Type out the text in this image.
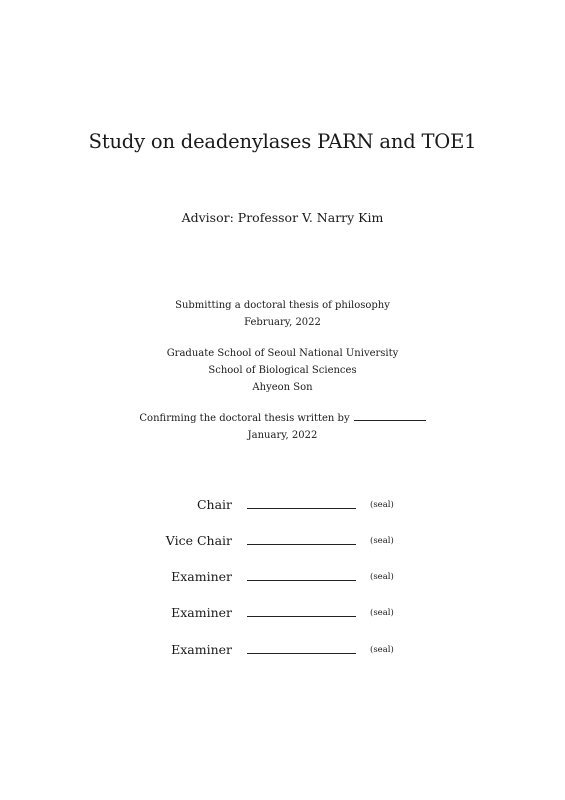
Study on deadenylases PARN and TOE1
Advisor: Professor V. Narry Kim
Submitting a doctoral thesis of philosophy
February, 2022
Graduate School of Seoul National University
School of Biological Sciences
Ahyeon Son
Confirming the doctoral thesis written by
January, 2022
Chair	(seal)
Vice Chair	(seal)
Examiner	(seal)
Examiner	(seal)
Examiner	(seal)
